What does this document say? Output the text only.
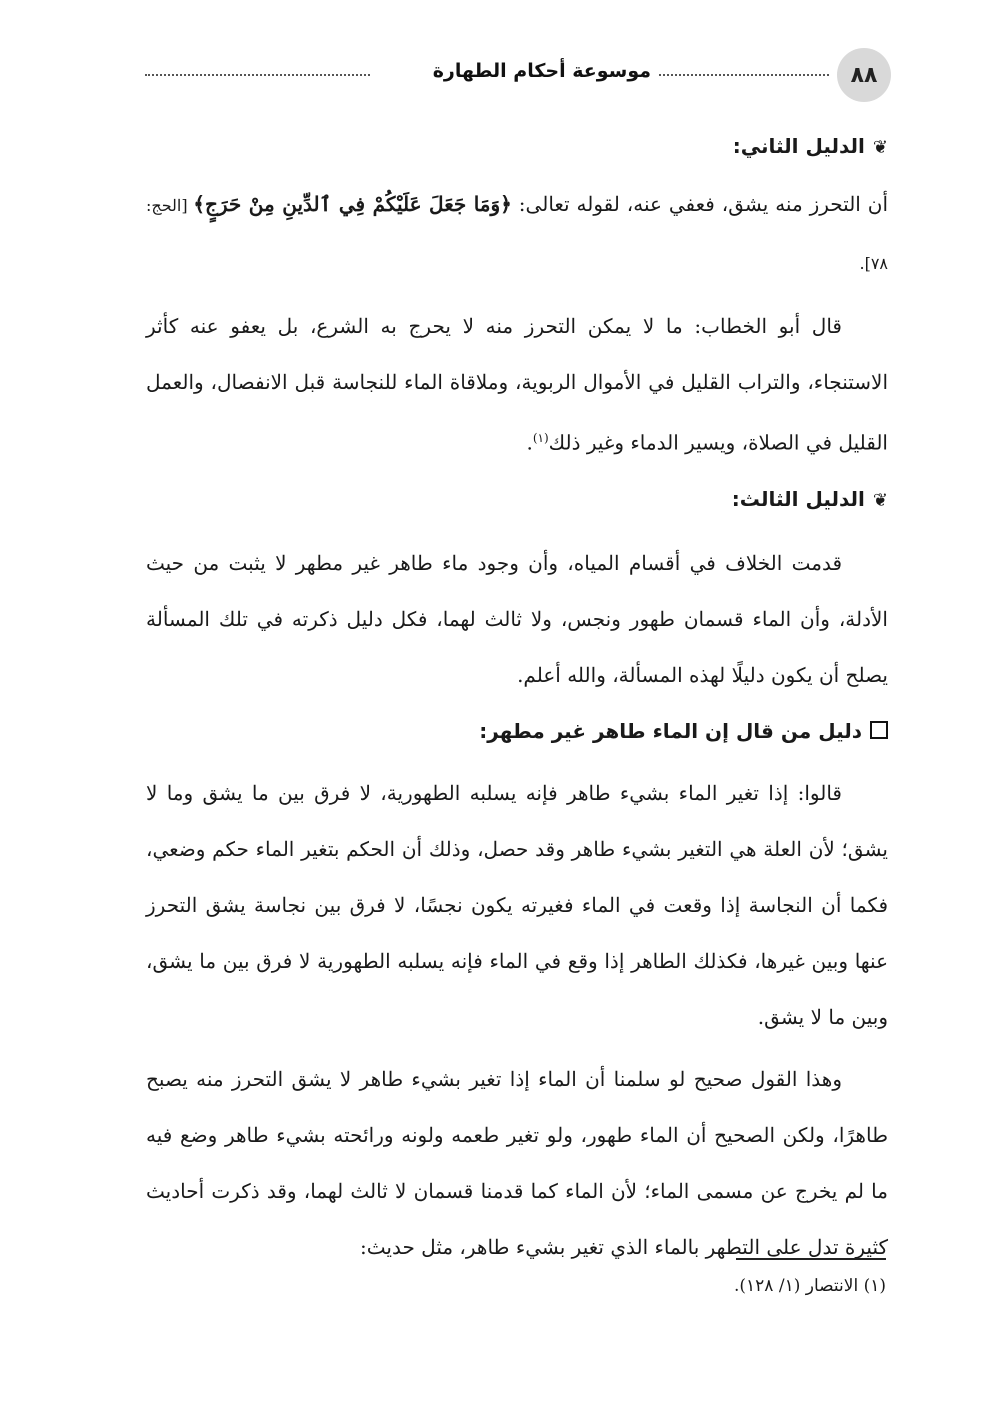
٨٨
موسوعة أحكام الطهارة

❦الدليل الثاني:

أن التحرز منه يشق، فعفي عنه، لقوله تعالى: ﴿وَمَا جَعَلَ عَلَيْكُمْ فِي ٱلدِّينِ مِنْ حَرَجٍ﴾ [الحج: ٧٨].

قال أبو الخطاب: ما لا يمكن التحرز منه لا يحرج به الشرع، بل يعفو عنه كأثر الاستنجاء، والتراب القليل في الأموال الربوية، وملاقاة الماء للنجاسة قبل الانفصال، والعمل القليل في الصلاة، ويسير الدماء وغير ذلك$^{(١)}$.

❦الدليل الثالث:

قدمت الخلاف في أقسام المياه، وأن وجود ماء طاهر غير مطهر لا يثبت من حيث الأدلة، وأن الماء قسمان طهور ونجس، ولا ثالث لهما، فكل دليل ذكرته في تلك المسألة يصلح أن يكون دليلًا لهذه المسألة، والله أعلم.

دليل من قال إن الماء طاهر غير مطهر:

قالوا: إذا تغير الماء بشيء طاهر فإنه يسلبه الطهورية، لا فرق بين ما يشق وما لا يشق؛ لأن العلة هي التغير بشيء طاهر وقد حصل، وذلك أن الحكم بتغير الماء حكم وضعي، فكما أن النجاسة إذا وقعت في الماء فغيرته يكون نجسًا، لا فرق بين نجاسة يشق التحرز عنها وبين غيرها، فكذلك الطاهر إذا وقع في الماء فإنه يسلبه الطهورية لا فرق بين ما يشق، وبين ما لا يشق.

وهذا القول صحيح لو سلمنا أن الماء إذا تغير بشيء طاهر لا يشق التحرز منه يصبح طاهرًا، ولكن الصحيح أن الماء طهور، ولو تغير طعمه ولونه ورائحته بشيء طاهر وضع فيه ما لم يخرج عن مسمى الماء؛ لأن الماء كما قدمنا قسمان لا ثالث لهما، وقد ذكرت أحاديث كثيرة تدل على التطهر بالماء الذي تغير بشيء طاهر، مثل حديث:

(١) الانتصار (١/ ١٢٨).
